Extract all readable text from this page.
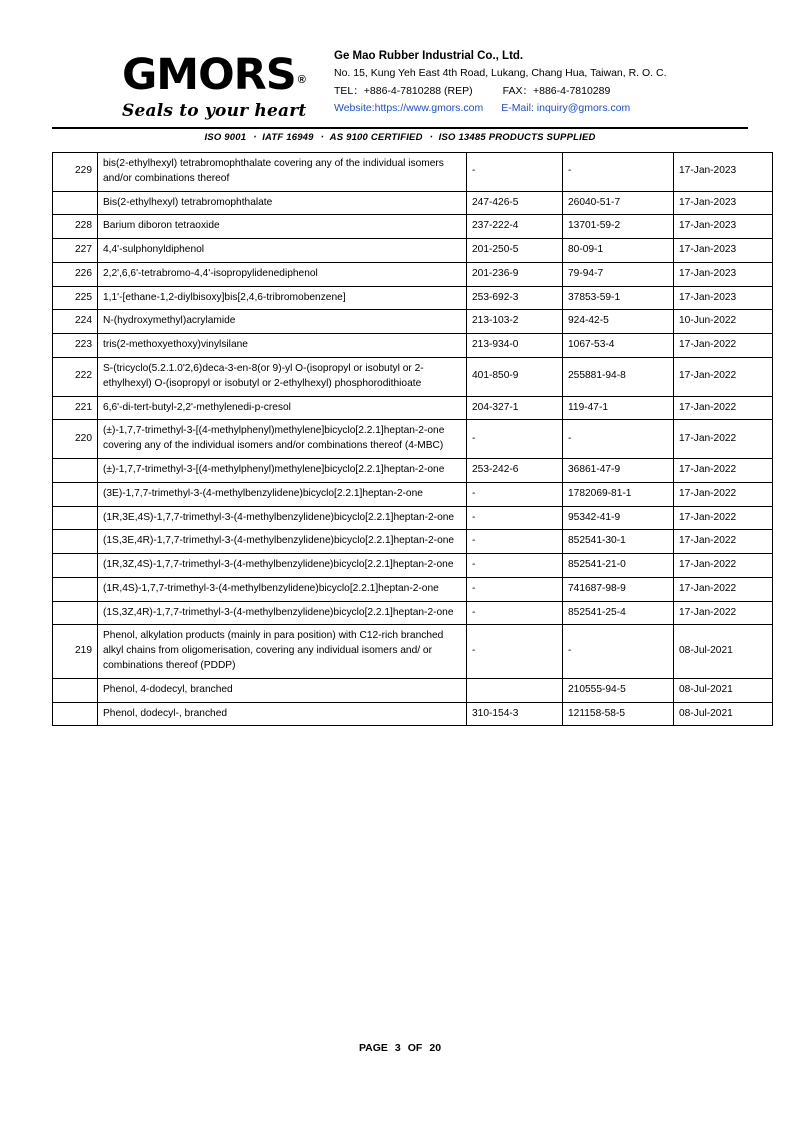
GMORS ®
Seals to your heart
Ge Mao Rubber Industrial Co., Ltd.
No. 15, Kung Yeh East 4th Road, Lukang, Chang Hua, Taiwan, R. O. C.
TEL：+886-4-7810288 (REP)	FAX：+886-4-7810289
Website:https://www.gmors.com E-Mail: inquiry@gmors.com
ISO 9001 ‧ IATF 16949 ‧ AS 9100 CERTIFIED ‧ ISO 13485 PRODUCTS SUPPLIED
229	bis(2-ethylhexyl) tetrabromophthalate covering any of the individual isomers and/or combinations thereof	-	-	17-Jan-2023
	Bis(2-ethylhexyl) tetrabromophthalate	247-426-5	26040-51-7	17-Jan-2023
228	Barium diboron tetraoxide	237-222-4	13701-59-2	17-Jan-2023
227	4,4'-sulphonyldiphenol	201-250-5	80-09-1	17-Jan-2023
226	2,2',6,6'-tetrabromo-4,4'-isopropylidenediphenol	201-236-9	79-94-7	17-Jan-2023
225	1,1'-[ethane-1,2-diylbisoxy]bis[2,4,6-tribromobenzene]	253-692-3	37853-59-1	17-Jan-2023
224	N-(hydroxymethyl)acrylamide	213-103-2	924-42-5	10-Jun-2022
223	tris(2-methoxyethoxy)vinylsilane	213-934-0	1067-53-4	17-Jan-2022
222	S-(tricyclo(5.2.1.0'2,6)deca-3-en-8(or 9)-yl O-(isopropyl or isobutyl or 2-ethylhexyl) O-(isopropyl or isobutyl or 2-ethylhexyl) phosphorodithioate	401-850-9	255881-94-8	17-Jan-2022
221	6,6'-di-tert-butyl-2,2'-methylenedi-p-cresol	204-327-1	119-47-1	17-Jan-2022
220	(±)-1,7,7-trimethyl-3-[(4-methylphenyl)methylene]bicyclo[2.2.1]heptan-2-one covering any of the individual isomers and/or combinations thereof (4-MBC)	-	-	17-Jan-2022
	(±)-1,7,7-trimethyl-3-[(4-methylphenyl)methylene]bicyclo[2.2.1]heptan-2-one	253-242-6	36861-47-9	17-Jan-2022
	(3E)-1,7,7-trimethyl-3-(4-methylbenzylidene)bicyclo[2.2.1]heptan-2-one	-	1782069-81-1	17-Jan-2022
	(1R,3E,4S)-1,7,7-trimethyl-3-(4-methylbenzylidene)bicyclo[2.2.1]heptan-2-one	-	95342-41-9	17-Jan-2022
	(1S,3E,4R)-1,7,7-trimethyl-3-(4-methylbenzylidene)bicyclo[2.2.1]heptan-2-one	-	852541-30-1	17-Jan-2022
	(1R,3Z,4S)-1,7,7-trimethyl-3-(4-methylbenzylidene)bicyclo[2.2.1]heptan-2-one	-	852541-21-0	17-Jan-2022
	(1R,4S)-1,7,7-trimethyl-3-(4-methylbenzylidene)bicyclo[2.2.1]heptan-2-one	-	741687-98-9	17-Jan-2022
	(1S,3Z,4R)-1,7,7-trimethyl-3-(4-methylbenzylidene)bicyclo[2.2.1]heptan-2-one	-	852541-25-4	17-Jan-2022
219	Phenol, alkylation products (mainly in para position) with C12-rich branched alkyl chains from oligomerisation, covering any individual isomers and/ or combinations thereof (PDDP)	-	-	08-Jul-2021
	Phenol, 4-dodecyl, branched		210555-94-5	08-Jul-2021
	Phenol, dodecyl-, branched	310-154-3	121158-58-5	08-Jul-2021
PAGE 3 OF 20
